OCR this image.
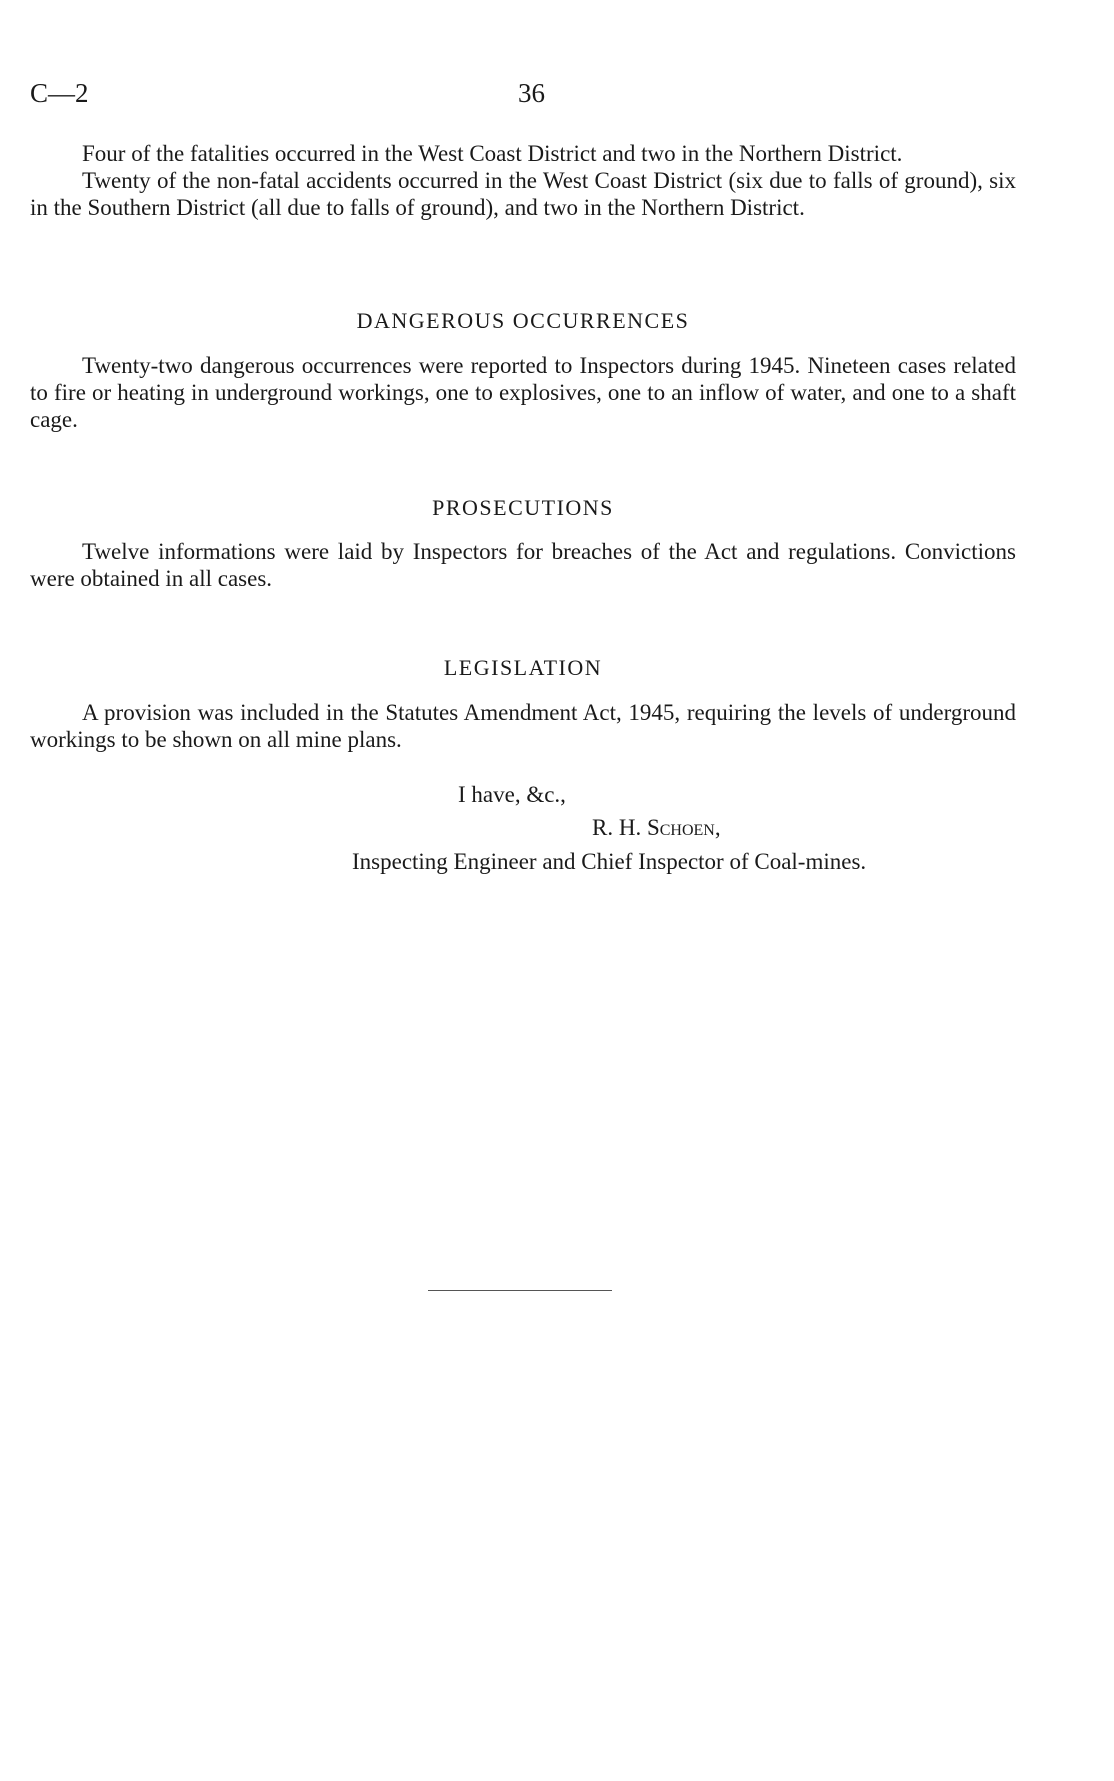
C—2	36

Four of the fatalities occurred in the West Coast District and two in the Northern District.

Twenty of the non-fatal accidents occurred in the West Coast District (six due to falls of ground), six in the Southern District (all due to falls of ground), and two in the Northern District.

DANGEROUS OCCURRENCES

Twenty-two dangerous occurrences were reported to Inspectors during 1945. Nineteen cases related to fire or heating in underground workings, one to explosives, one to an inflow of water, and one to a shaft cage.

PROSECUTIONS

Twelve informations were laid by Inspectors for breaches of the Act and regulations. Convictions were obtained in all cases.

LEGISLATION

A provision was included in the Statutes Amendment Act, 1945, requiring the levels of underground workings to be shown on all mine plans.

I have, &c.,
R. H. Schoen,
Inspecting Engineer and Chief Inspector of Coal-mines.
